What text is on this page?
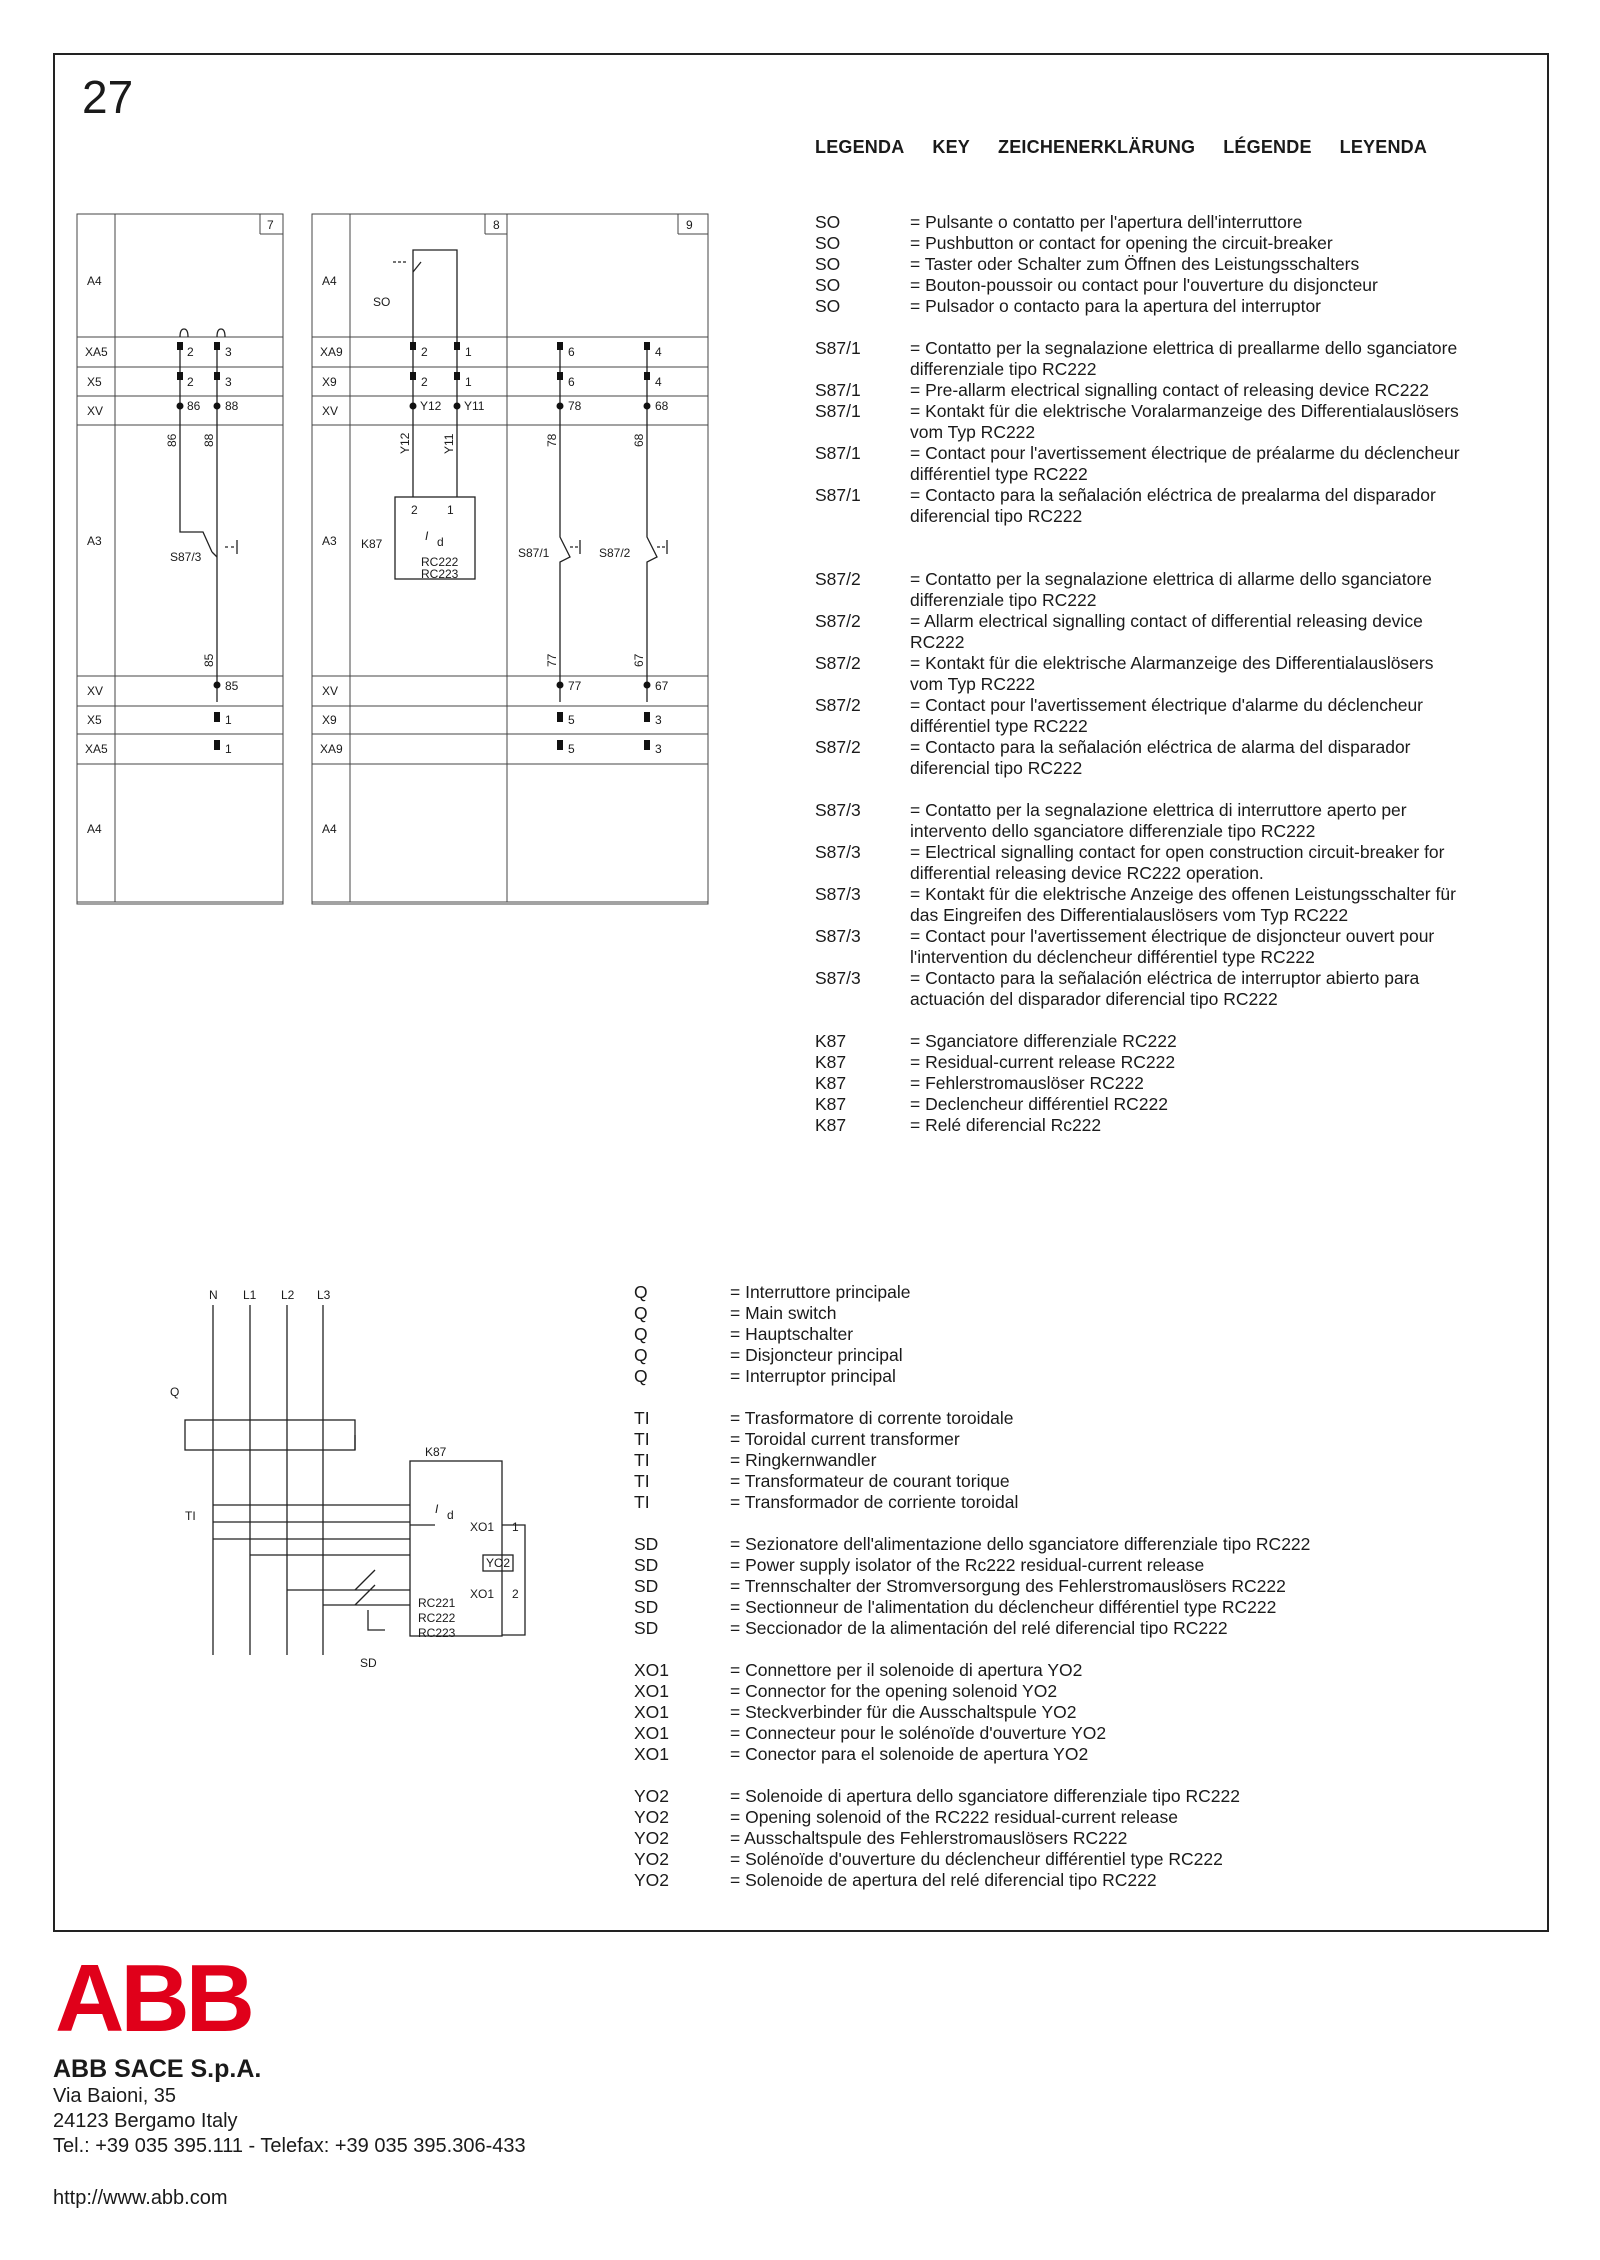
27
LEGENDA KEY ZEICHENERKLÄRUNG LÉGENDE LEYENDA
SO	= Pulsante o contatto per l'apertura dell'interruttore
SO	= Pushbutton or contact for opening the circuit-breaker
SO	= Taster oder Schalter zum Öffnen des Leistungsschalters
SO	= Bouton-poussoir ou contact pour l'ouverture du disjoncteur
SO	= Pulsador o contacto para la apertura del interruptor
S87/1	= Contatto per la segnalazione elettrica di preallarme dello sganciatore
differenziale tipo RC222
S87/1	= Pre-allarm electrical signalling contact of releasing device RC222
S87/1	= Kontakt für die elektrische Voralarmanzeige des Differentialauslösers
vom Typ RC222
S87/1	= Contact pour l'avertissement électrique de préalarme du déclencheur
différentiel type RC222
S87/1	= Contacto para la señalación eléctrica de prealarma del disparador
diferencial tipo RC222
S87/2	= Contatto per la segnalazione elettrica di allarme dello sganciatore
differenziale tipo RC222
S87/2	= Allarm electrical signalling contact of differential releasing device
RC222
S87/2	= Kontakt für die elektrische Alarmanzeige des Differentialauslösers
vom Typ RC222
S87/2	= Contact pour l'avertissement électrique d'alarme du déclencheur
différentiel type RC222
S87/2	= Contacto para la señalación eléctrica de alarma del disparador
diferencial tipo RC222
S87/3	= Contatto per la segnalazione elettrica di interruttore aperto per
intervento dello sganciatore differenziale tipo RC222
S87/3	= Electrical signalling contact for open construction circuit-breaker for
differential releasing device RC222 operation.
S87/3	= Kontakt für die elektrische Anzeige des offenen Leistungsschalter für
das Eingreifen des Differentialauslösers vom Typ RC222
S87/3	= Contact pour l'avertissement électrique de disjoncteur ouvert pour
l'intervention du déclencheur différentiel type RC222
S87/3	= Contacto para la señalación eléctrica de interruptor abierto para
actuación del disparador diferencial tipo RC222
K87	= Sganciatore differenziale RC222
K87	= Residual-current release RC222
K87	= Fehlerstromauslöser RC222
K87	= Declencheur différentiel RC222
K87	= Relé diferencial Rc222
Q	= Interruttore principale
Q	= Main switch
Q	= Hauptschalter
Q	= Disjoncteur principal
Q	= Interruptor principal
TI	= Trasformatore di corrente toroidale
TI	= Toroidal current transformer
TI	= Ringkernwandler
TI	= Transformateur de courant torique
TI	= Transformador de corriente toroidal
SD	= Sezionatore dell'alimentazione dello sganciatore differenziale tipo RC222
SD	= Power supply isolator of the Rc222 residual-current release
SD	= Trennschalter der Stromversorgung des Fehlerstromauslösers RC222
SD	= Sectionneur de l'alimentation du déclencheur différentiel type RC222
SD	= Seccionador de la alimentación del relé diferencial tipo RC222
XO1	= Connettore per il solenoide di apertura YO2
XO1	= Connector for the opening solenoid YO2
XO1	= Steckverbinder für die Ausschaltspule YO2
XO1	= Connecteur pour le solénoïde d'ouverture YO2
XO1	= Conector para el solenoide de apertura YO2
YO2	= Solenoide di apertura dello sganciatore differenziale tipo RC222
YO2	= Opening solenoid of the RC222 residual-current release
YO2	= Ausschaltspule des Fehlerstromauslösers RC222
YO2	= Solénoïde d'ouverture du déclencheur différentiel type RC222
YO2	= Solenoide de apertura del relé diferencial tipo RC222
7	8	9
A4
XA5
X5
XV
A3
XV
X5
XA5
A4
A4
XA9
X9
XV
A3
XV
X9
XA9
A4
2	3
2	3
86 88
86 88
85
85
1
1
S87/3
SO
2	1
2	1
Y12 Y11
Y12	Y11
K87
2 1
I d
RC222
RC223
6	4
6	4
78	68
78	68
S87/1	S87/2
77	67
77	67
5	3
5	3
N L1 L2 L3
Q
TI
K87
I d
XO1 1
YO2
XO1 2
RC221
RC222
RC223
SD
ABB
ABB SACE S.p.A.
Via Baioni, 35
24123 Bergamo Italy
Tel.: +39 035 395.111 - Telefax: +39 035 395.306-433
http://www.abb.com
